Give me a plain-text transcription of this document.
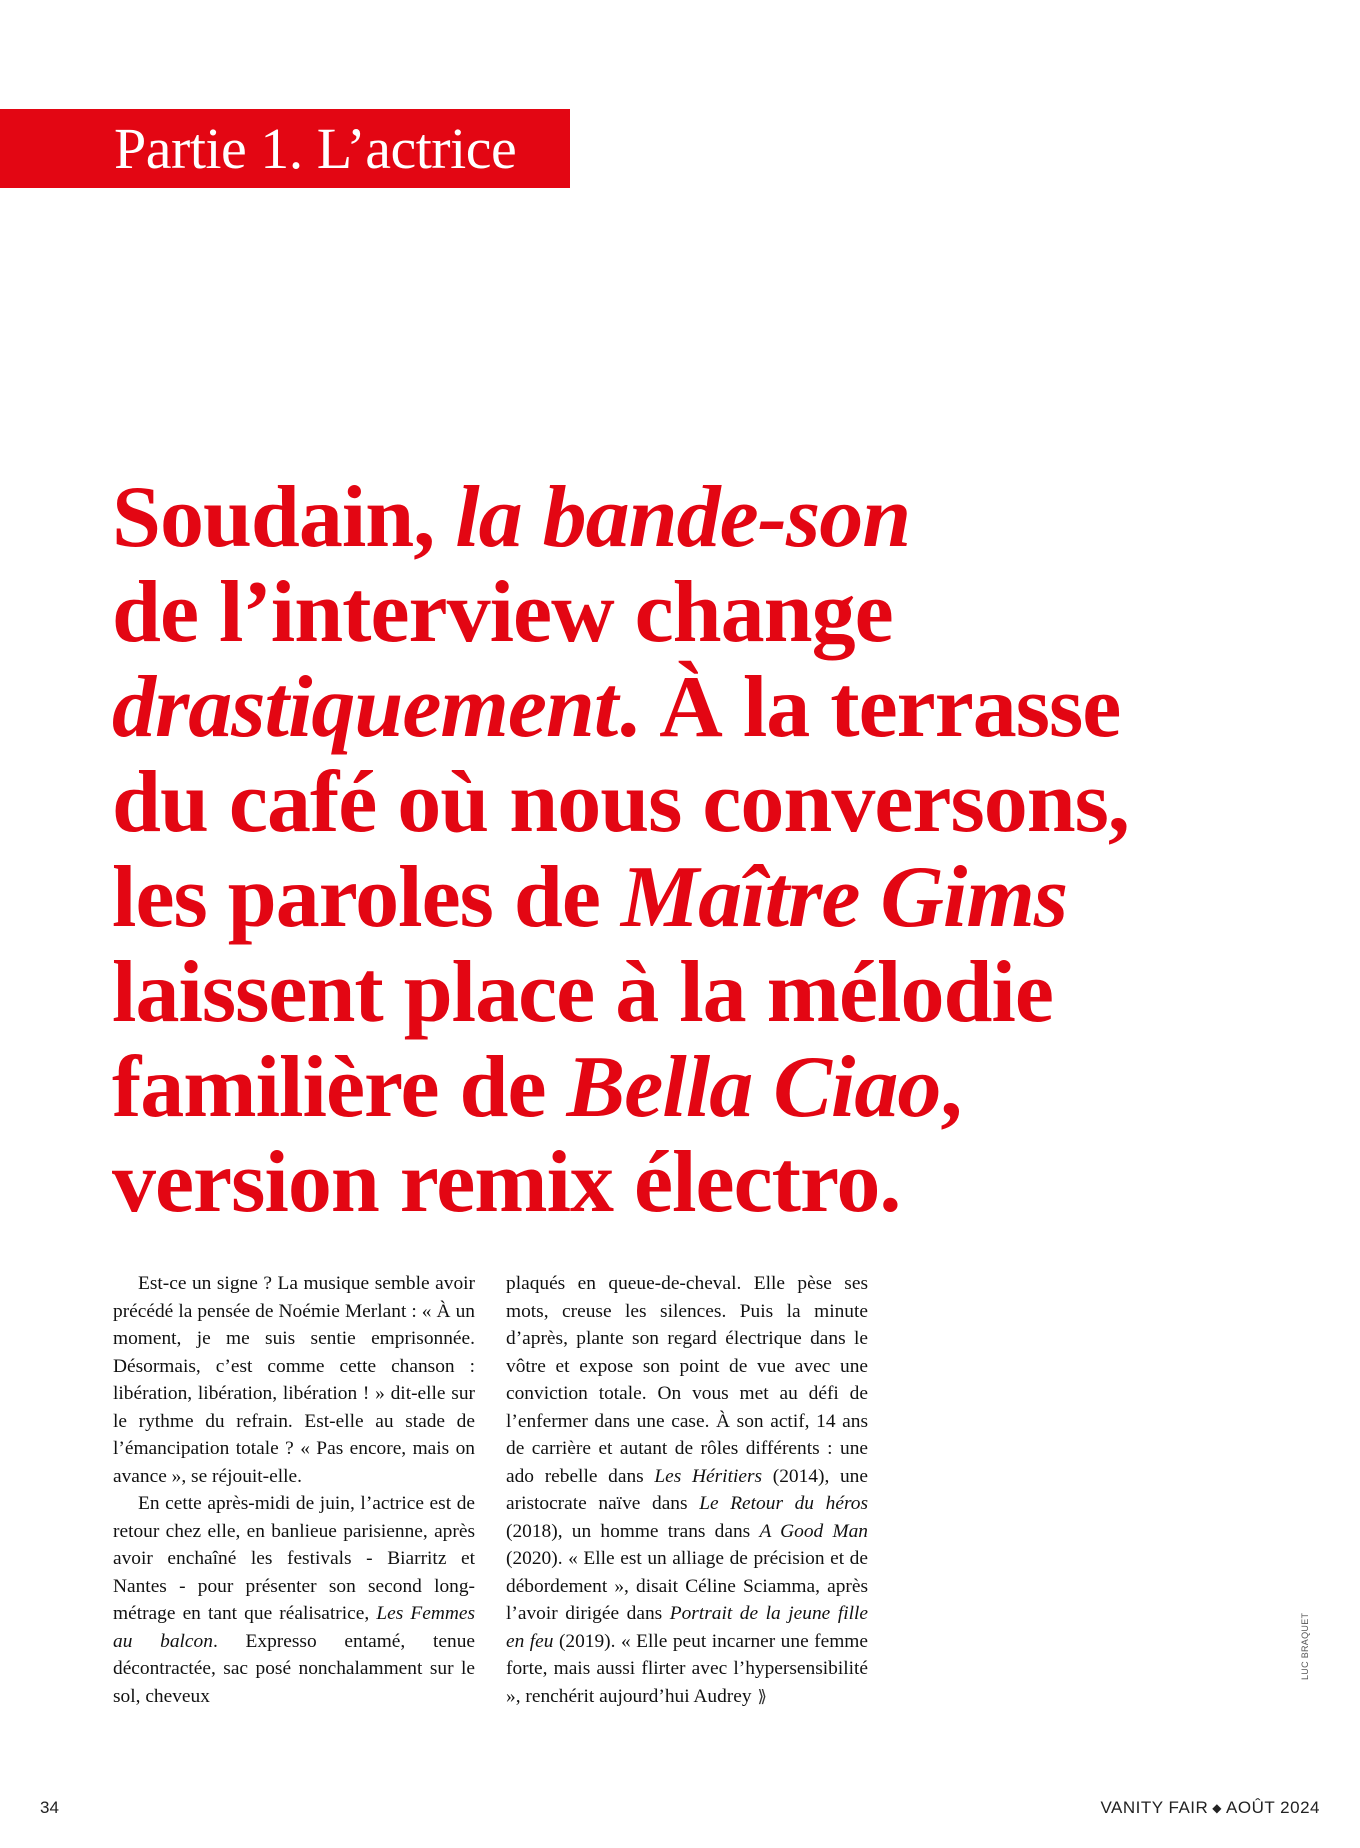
Partie 1. L’actrice
Soudain, la bande-son
de l’interview change
drastiquement. À la terrasse
du café où nous conversons,
les paroles de Maître Gims
laissent place à la mélodie
familière de Bella Ciao,
version remix électro.

Est-ce un signe ? La musique semble avoir précédé la pensée de Noémie Merlant : « À un moment, je me suis sentie emprisonnée. Désormais, c’est comme cette chanson : libération, libération, libération ! » dit-elle sur le rythme du refrain. Est-elle au stade de l’émancipation totale ? « Pas encore, mais on avance », se réjouit-elle.

En cette après-midi de juin, l’actrice est de retour chez elle, en banlieue parisienne, après avoir enchaîné les festivals - Biarritz et Nantes - pour présenter son second long-métrage en tant que réalisatrice, Les Femmes au balcon. Expresso entamé, tenue décontractée, sac posé nonchalamment sur le sol, cheveux

plaqués en queue-de-cheval. Elle pèse ses mots, creuse les silences. Puis la minute d’après, plante son regard électrique dans le vôtre et expose son point de vue avec une conviction totale. On vous met au défi de l’enfermer dans une case. À son actif, 14 ans de carrière et autant de rôles différents : une ado rebelle dans Les Héritiers (2014), une aristocrate naïve dans Le Retour du héros (2018), un homme trans dans A Good Man (2020). « Elle est un alliage de précision et de débordement », disait Céline Sciamma, après l’avoir dirigée dans Portrait de la jeune fille en feu (2019). « Elle peut incarner une femme forte, mais aussi flirter avec l’hypersensibilité », renchérit aujourd’hui Audrey ⟫

LUC BRAQUET
34	VANITY FAIR ◆ AOÛT 2024
